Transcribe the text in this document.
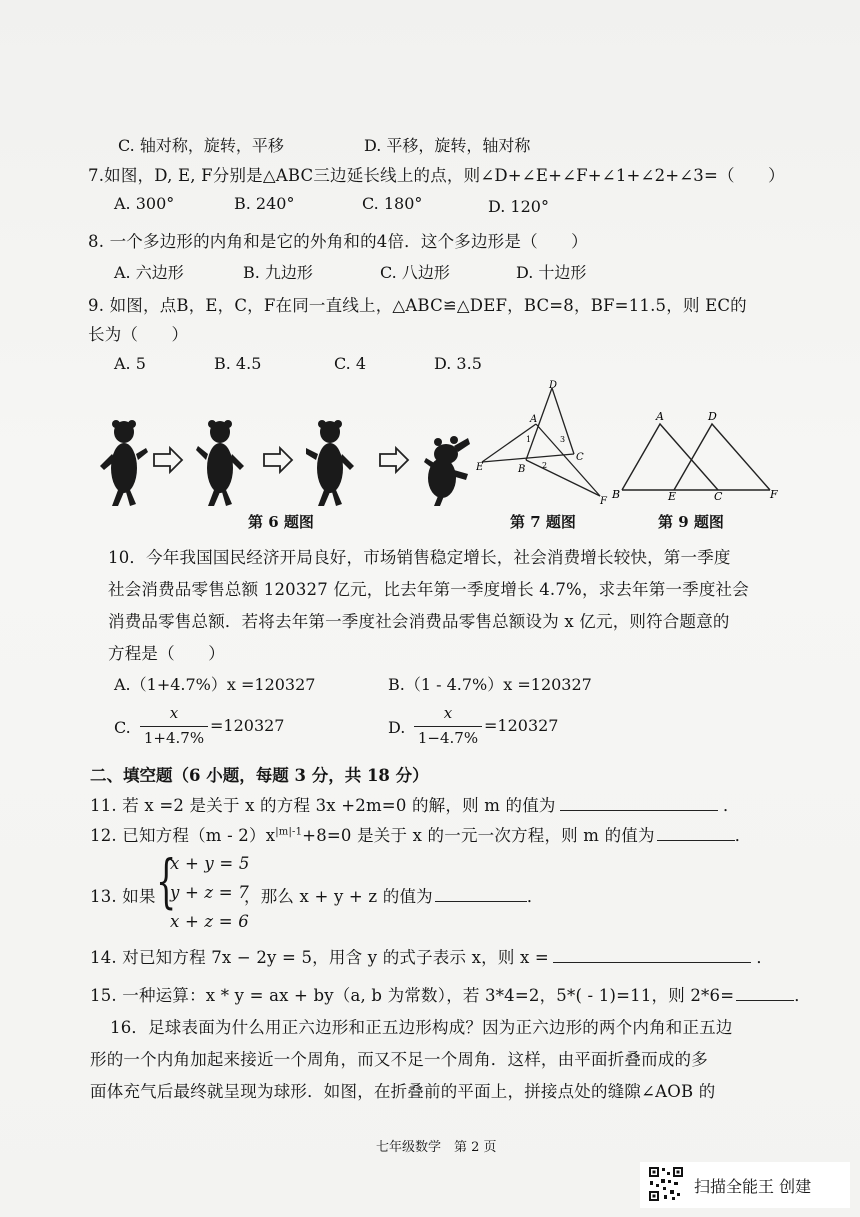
C. 轴对称，旋转，平移	D. 平移，旋转，轴对称
7.如图，D, E, F分别是△ABC三边延长线上的点，则∠D+∠E+∠F+∠1+∠2+∠3=（　　）
A. 300°	B. 240°	C. 180°	D. 120°
8. 一个多边形的内角和是它的外角和的4倍．这个多边形是（　　）
A. 六边形	B. 九边形	C. 八边形	D. 十边形
9. 如图，点B，E，C，F在同一直线上，△ABC≌△DEF，BC=8，BF=11.5，则 EC的
长为（　　）
A. 5	B. 4.5	C. 4	D. 3.5
D
A
E	B
C
F
1
2
3
A	D
B	E	C	F
第 6 题图	第 7 题图	第 9 题图
10．今年我国国民经济开局良好，市场销售稳定增长，社会消费增长较快，第一季度
社会消费品零售总额 120327 亿元，比去年第一季度增长 4.7%，求去年第一季度社会
消费品零售总额．若将去年第一季度社会消费品零售总额设为 x 亿元，则符合题意的
方程是（　　）
A.（1+4.7%）x =120327	B.（1 - 4.7%）x =120327
C.
x
1+4.7%
=120327	D.
x
1−4.7%
=120327
二、填空题（6 小题，每题 3 分，共 18 分）
11. 若 x =2 是关于 x 的方程 3x +2m=0 的解，则 m 的值为	．
12. 已知方程$(m - 2)x^{|m|-1}+8=0$ 是关于 x 的一元一次方程，则 m 的值为	．
13. 如果 {
x + y = 5
y + z = 7
x + z = 6
，那么 x + y + z 的值为	．
14. 对已知方程 7x − 2y = 5，用含 y 的式子表示 x，则 x =	．
15. 一种运算：x * y = ax + by（a, b 为常数），若 3*4=2，5*( - 1)=11，则 2*6=	．
16．足球表面为什么用正六边形和正五边形构成？因为正六边形的两个内角和正五边
形的一个内角加起来接近一个周角，而又不足一个周角．这样，由平面折叠而成的多
面体充气后最终就呈现为球形．如图，在折叠前的平面上，拼接点处的缝隙∠AOB 的
七年级数学　第 2 页
扫描全能王 创建
